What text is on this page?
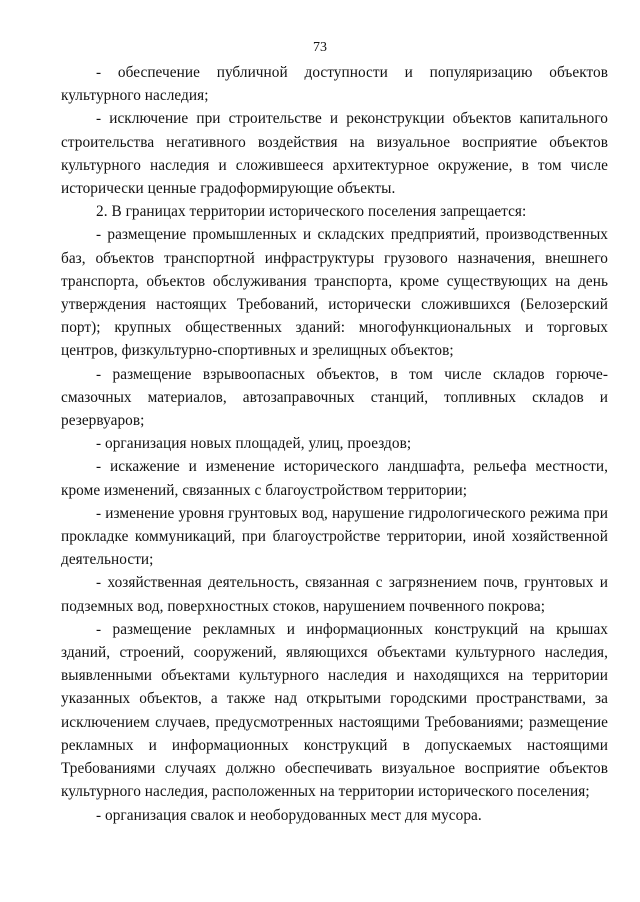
73

- обеспечение публичной доступности и популяризацию объектов культурного наследия;

- исключение при строительстве и реконструкции объектов капитального строительства негативного воздействия на визуальное восприятие объектов культурного наследия и сложившееся архитектурное окружение, в том числе исторически ценные градоформирующие объекты.

2. В границах территории исторического поселения запрещается:

- размещение промышленных и складских предприятий, производственных баз, объектов транспортной инфраструктуры грузового назначения, внешнего транспорта, объектов обслуживания транспорта, кроме существующих на день утверждения настоящих Требований, исторически сложившихся (Белозерский порт); крупных общественных зданий: многофункциональных и торговых центров, физкультурно-спортивных и зрелищных объектов;

- размещение взрывоопасных объектов, в том числе складов горюче-смазочных материалов, автозаправочных станций, топливных складов и резервуаров;

- организация новых площадей, улиц, проездов;

- искажение и изменение исторического ландшафта, рельефа местности, кроме изменений, связанных с благоустройством территории;

- изменение уровня грунтовых вод, нарушение гидрологического режима при прокладке коммуникаций, при благоустройстве территории, иной хозяйственной деятельности;

- хозяйственная деятельность, связанная с загрязнением почв, грунтовых и подземных вод, поверхностных стоков, нарушением почвенного покрова;

- размещение рекламных и информационных конструкций на крышах зданий, строений, сооружений, являющихся объектами культурного наследия, выявленными объектами культурного наследия и находящихся на территории указанных объектов, а также над открытыми городскими пространствами, за исключением случаев, предусмотренных настоящими Требованиями; размещение рекламных и информационных конструкций в допускаемых настоящими Требованиями случаях должно обеспечивать визуальное восприятие объектов культурного наследия, расположенных на территории исторического поселения;

- организация свалок и необорудованных мест для мусора.
